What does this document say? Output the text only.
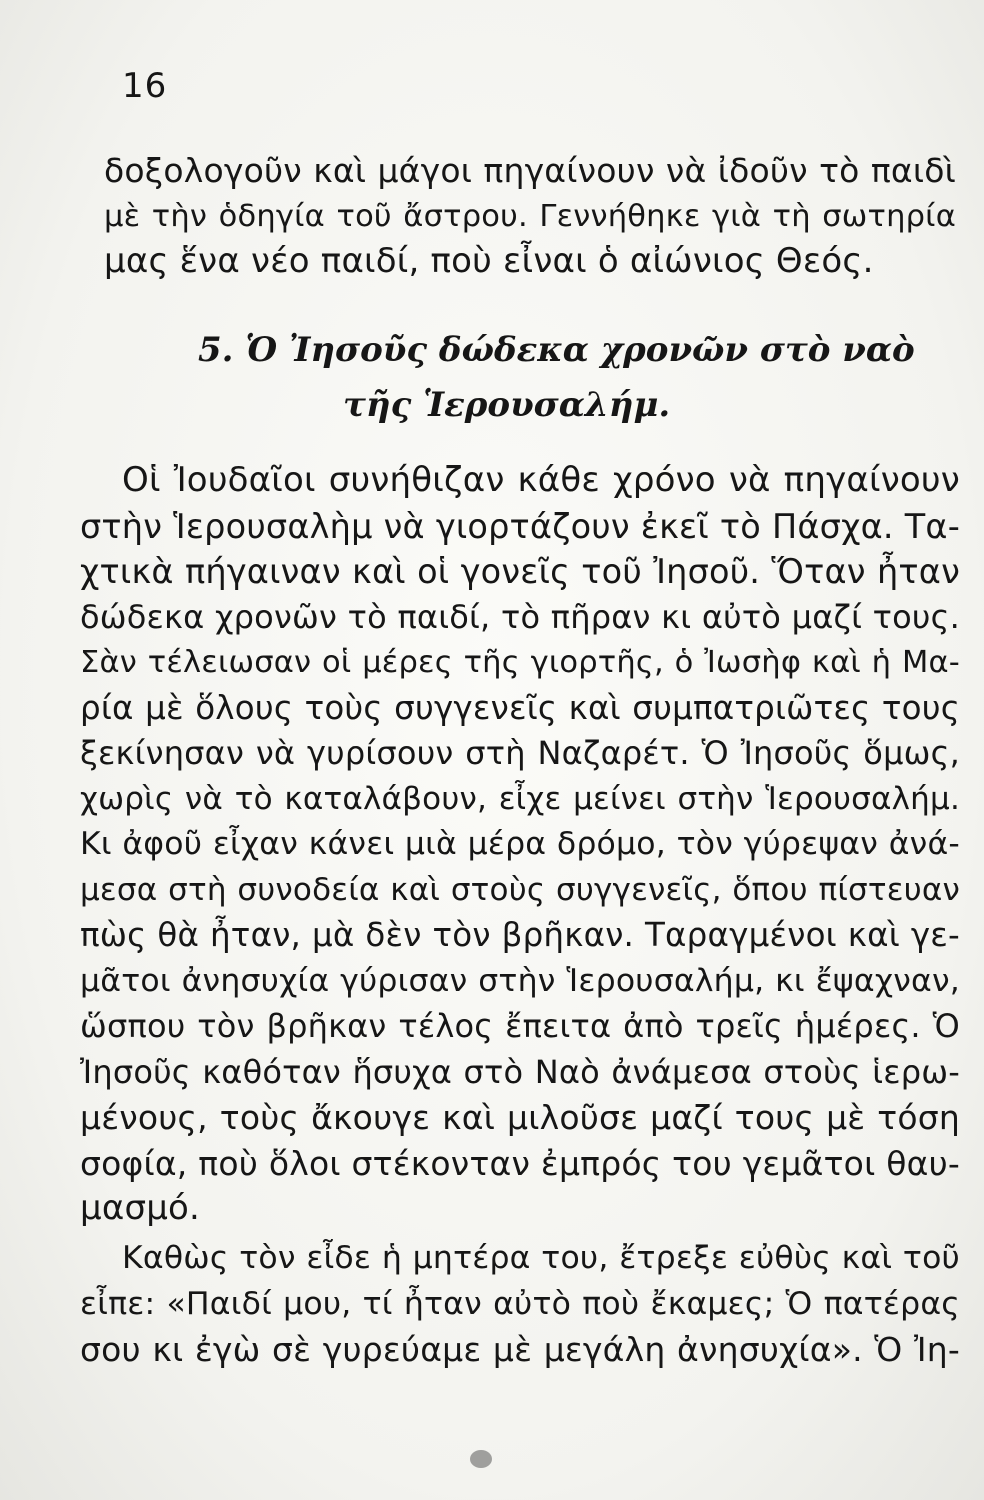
16
δοξολογοῦν καὶ μάγοι πηγαίνουν νὰ ἰδοῦν τὸ παιδὶ
μὲ τὴν ὁδηγία τοῦ ἄστρου. Γεννήθηκε γιὰ τὴ σωτηρία
μας ἕνα νέο παιδί, ποὺ εἶναι ὁ αἰώνιος Θεός.
5. Ὁ Ἰησοῦς δώδεκα χρονῶν στὸ ναὸ
τῆς Ἱερουσαλήμ.
Οἱ Ἰουδαῖοι συνήθιζαν κάθε χρόνο νὰ πηγαίνουν
στὴν Ἱερουσαλὴμ νὰ γιορτάζουν ἐκεῖ τὸ Πάσχα. Τα-
χτικὰ πήγαιναν καὶ οἱ γονεῖς τοῦ Ἰησοῦ. Ὅταν ἦταν
δώδεκα χρονῶν τὸ παιδί, τὸ πῆραν κι αὐτὸ μαζί τους.
Σὰν τέλειωσαν οἱ μέρες τῆς γιορτῆς, ὁ Ἰωσὴφ καὶ ἡ Μα-
ρία μὲ ὅλους τοὺς συγγενεῖς καὶ συμπατριῶτες τους
ξεκίνησαν νὰ γυρίσουν στὴ Ναζαρέτ. Ὁ Ἰησοῦς ὅμως,
χωρὶς νὰ τὸ καταλάβουν, εἶχε μείνει στὴν Ἱερουσαλήμ.
Κι ἀφοῦ εἶχαν κάνει μιὰ μέρα δρόμο, τὸν γύρεψαν ἀνά-
μεσα στὴ συνοδεία καὶ στοὺς συγγενεῖς, ὅπου πίστευαν
πὼς θὰ ἦταν, μὰ δὲν τὸν βρῆκαν. Ταραγμένοι καὶ γε-
μᾶτοι ἀνησυχία γύρισαν στὴν Ἱερουσαλήμ, κι ἔψαχναν,
ὥσπου τὸν βρῆκαν τέλος ἔπειτα ἀπὸ τρεῖς ἡμέρες. Ὁ
Ἰησοῦς καθόταν ἥσυχα στὸ Ναὸ ἀνάμεσα στοὺς ἱερω-
μένους, τοὺς ἄκουγε καὶ μιλοῦσε μαζί τους μὲ τόση
σοφία, ποὺ ὅλοι στέκονταν ἐμπρός του γεμᾶτοι θαυ-
μασμό.
Καθὼς τὸν εἶδε ἡ μητέρα του, ἔτρεξε εὐθὺς καὶ τοῦ
εἶπε: «Παιδί μου, τί ἦταν αὐτὸ ποὺ ἔκαμες; Ὁ πατέρας
σου κι ἐγὼ σὲ γυρεύαμε μὲ μεγάλη ἀνησυχία». Ὁ Ἰη-
